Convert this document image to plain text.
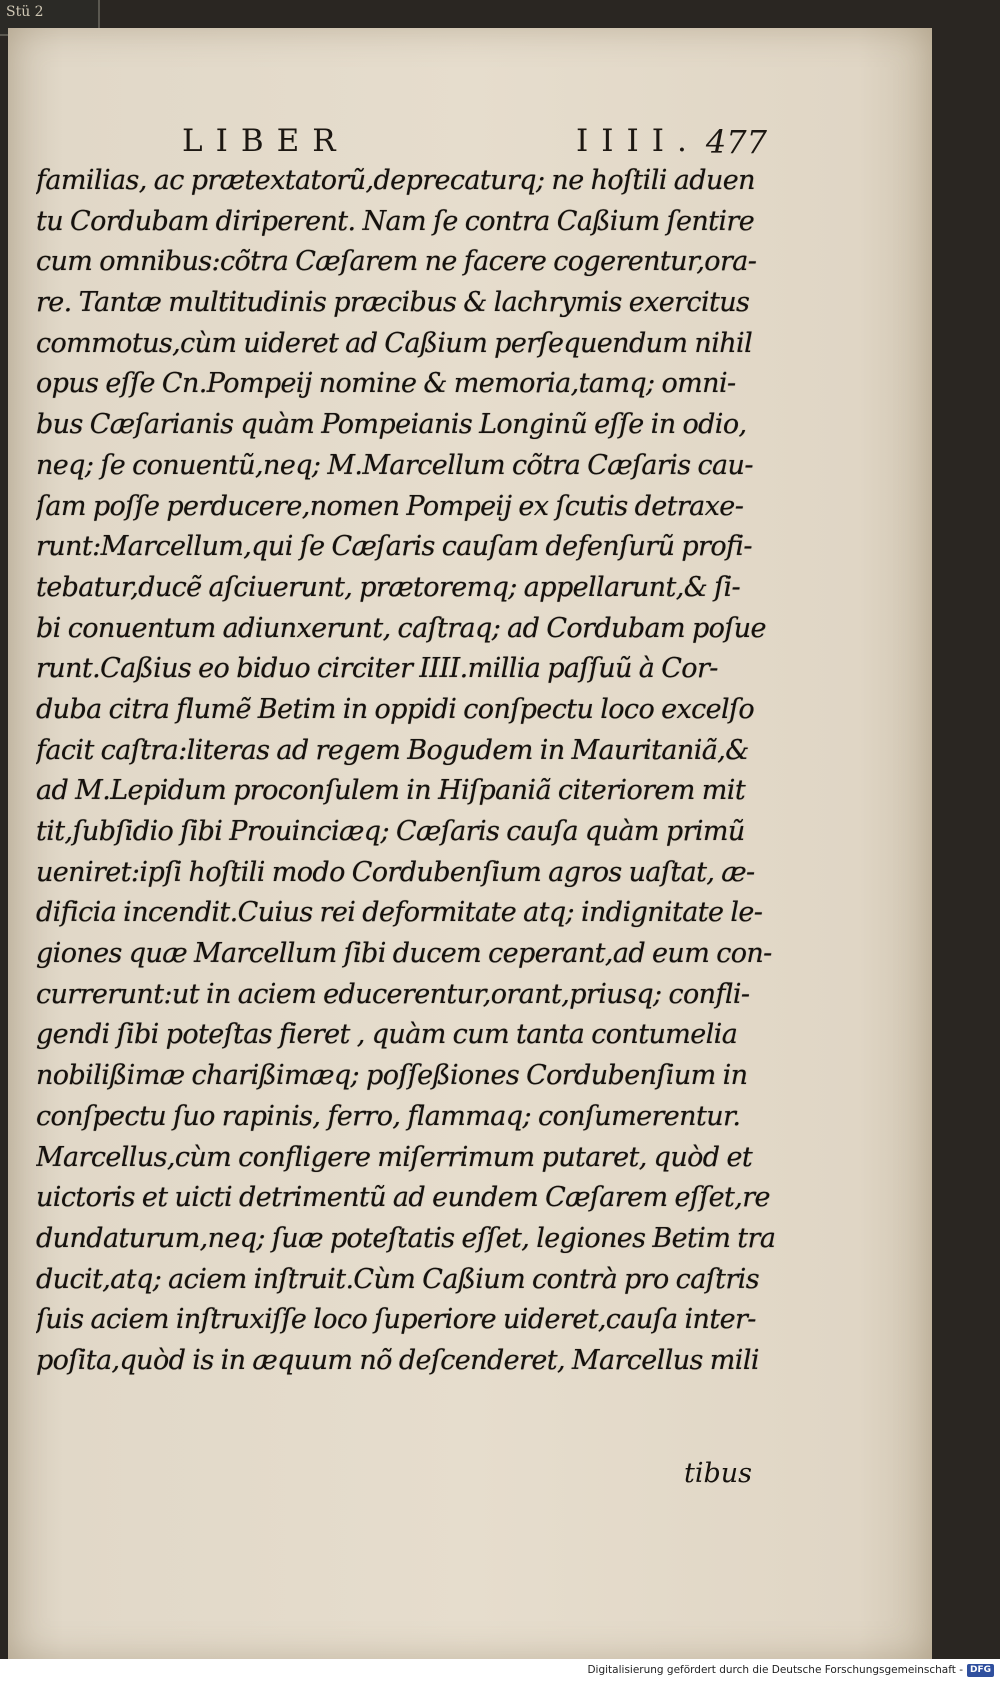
Stü 2
LIBER    IIII. 477
familias, ac prætextatorũ,deprecaturq; ne hoſtili aduen
tu Cordubam diriperent. Nam ſe contra Caßium ſentire
cum omnibus:cõtra Cæſarem ne facere cogerentur,ora-
re. Tantæ multitudinis præcibus & lachrymis exercitus
commotus,cùm uideret ad Caßium perſequendum nihil
opus eſſe Cn.Pompeij nomine & memoria,tamq; omni-
bus Cæſarianis quàm Pompeianis Longinũ eſſe in odio,
neq; ſe conuentũ,neq; M.Marcellum cõtra Cæſaris cau-
ſam poſſe perducere,nomen Pompeij ex ſcutis detraxe-
runt:Marcellum,qui ſe Cæſaris cauſam defenſurũ profi-
tebatur,ducẽ aſciuerunt, prætoremq; appellarunt,& ſi-
bi conuentum adiunxerunt, caſtraq; ad Cordubam poſue
runt.Caßius eo biduo circiter IIII.millia paſſuũ à Cor-
duba citra flumẽ Betim in oppidi conſpectu loco excelſo
facit caſtra:literas ad regem Bogudem in Mauritaniã,&
ad M.Lepidum proconſulem in Hiſpaniã citeriorem mit
tit,ſubſidio ſibi Prouinciæq; Cæſaris cauſa quàm primũ
ueniret:ipſi hoſtili modo Cordubenſium agros uaſtat, æ-
dificia incendit.Cuius rei deformitate atq; indignitate le-
giones quæ Marcellum ſibi ducem ceperant,ad eum con-
currerunt:ut in aciem educerentur,orant,priusq; confli-
gendi ſibi poteſtas fieret , quàm cum tanta contumelia
nobilißimæ charißimæq; poſſeßiones Cordubenſium in
conſpectu ſuo rapinis, ferro, flammaq; conſumerentur.
Marcellus,cùm confligere miſerrimum putaret, quòd et
uictoris et uicti detrimentũ ad eundem Cæſarem eſſet,re
dundaturum,neq; ſuæ poteſtatis eſſet, legiones Betim tra
ducit,atq; aciem inſtruit.Cùm Caßium contrà pro caſtris
ſuis aciem inſtruxiſſe loco ſuperiore uideret,cauſa inter-
poſita,quòd is in æquum nõ deſcenderet, Marcellus mili
tibus
Digitalisierung gefördert durch die Deutsche Forschungsgemeinschaft - DFG
